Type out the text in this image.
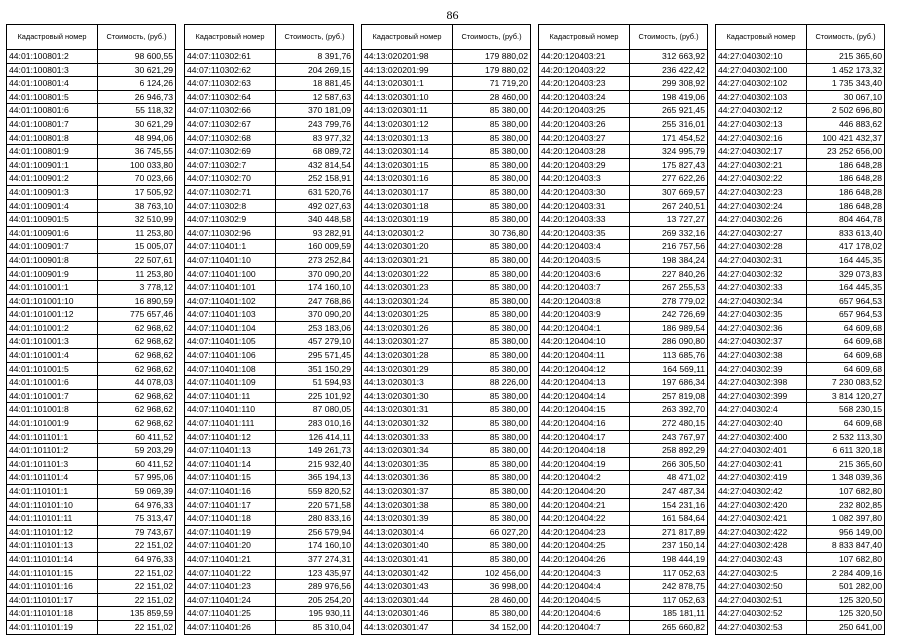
86
Кадастровый номер	Стоимость, (руб.)
44:01:100801:2	98 600,55
44:01:100801:3	30 621,29
44:01:100801:4	6 124,26
44:01:100801:5	26 946,73
44:01:100801:6	55 118,32
44:01:100801:7	30 621,29
44:01:100801:8	48 994,06
44:01:100801:9	36 745,55
44:01:100901:1	100 033,80
44:01:100901:2	70 023,66
44:01:100901:3	17 505,92
44:01:100901:4	38 763,10
44:01:100901:5	32 510,99
44:01:100901:6	11 253,80
44:01:100901:7	15 005,07
44:01:100901:8	22 507,61
44:01:100901:9	11 253,80
44:01:101001:1	3 778,12
44:01:101001:10	16 890,59
44:01:101001:12	775 657,46
44:01:101001:2	62 968,62
44:01:101001:3	62 968,62
44:01:101001:4	62 968,62
44:01:101001:5	62 968,62
44:01:101001:6	44 078,03
44:01:101001:7	62 968,62
44:01:101001:8	62 968,62
44:01:101001:9	62 968,62
44:01:101101:1	60 411,52
44:01:101101:2	59 203,29
44:01:101101:3	60 411,52
44:01:101101:4	57 995,06
44:01:110101:1	59 069,39
44:01:110101:10	64 976,33
44:01:110101:11	75 313,47
44:01:110101:12	79 743,67
44:01:110101:13	22 151,02
44:01:110101:14	64 976,33
44:01:110101:15	22 151,02
44:01:110101:16	22 151,02
44:01:110101:17	22 151,02
44:01:110101:18	135 859,59
44:01:110101:19	22 151,02
Кадастровый номер	Стоимость, (руб.)
44:07:110302:61	8 391,76
44:07:110302:62	204 269,15
44:07:110302:63	18 881,45
44:07:110302:64	12 587,63
44:07:110302:66	370 181,09
44:07:110302:67	243 799,76
44:07:110302:68	83 977,32
44:07:110302:69	68 089,72
44:07:110302:7	432 814,54
44:07:110302:70	252 158,91
44:07:110302:71	631 520,76
44:07:110302:8	492 027,63
44:07:110302:9	340 448,58
44:07:110302:96	93 282,91
44:07:110401:1	160 009,59
44:07:110401:10	273 252,84
44:07:110401:100	370 090,20
44:07:110401:101	174 160,10
44:07:110401:102	247 768,86
44:07:110401:103	370 090,20
44:07:110401:104	253 183,06
44:07:110401:105	457 279,10
44:07:110401:106	295 571,45
44:07:110401:108	351 150,29
44:07:110401:109	51 594,93
44:07:110401:11	225 101,92
44:07:110401:110	87 080,05
44:07:110401:111	283 010,16
44:07:110401:12	126 414,11
44:07:110401:13	149 261,73
44:07:110401:14	215 932,40
44:07:110401:15	365 194,13
44:07:110401:16	559 820,52
44:07:110401:17	220 571,58
44:07:110401:18	280 833,16
44:07:110401:19	256 579,94
44:07:110401:20	174 160,10
44:07:110401:21	377 274,31
44:07:110401:22	123 435,97
44:07:110401:23	289 976,56
44:07:110401:24	205 254,20
44:07:110401:25	195 930,11
44:07:110401:26	85 310,04
Кадастровый номер	Стоимость, (руб.)
44:13:020201:98	179 880,02
44:13:020201:99	179 880,02
44:13:020301:1	71 719,20
44:13:020301:10	28 460,00
44:13:020301:11	85 380,00
44:13:020301:12	85 380,00
44:13:020301:13	85 380,00
44:13:020301:14	85 380,00
44:13:020301:15	85 380,00
44:13:020301:16	85 380,00
44:13:020301:17	85 380,00
44:13:020301:18	85 380,00
44:13:020301:19	85 380,00
44:13:020301:2	30 736,80
44:13:020301:20	85 380,00
44:13:020301:21	85 380,00
44:13:020301:22	85 380,00
44:13:020301:23	85 380,00
44:13:020301:24	85 380,00
44:13:020301:25	85 380,00
44:13:020301:26	85 380,00
44:13:020301:27	85 380,00
44:13:020301:28	85 380,00
44:13:020301:29	85 380,00
44:13:020301:3	88 226,00
44:13:020301:30	85 380,00
44:13:020301:31	85 380,00
44:13:020301:32	85 380,00
44:13:020301:33	85 380,00
44:13:020301:34	85 380,00
44:13:020301:35	85 380,00
44:13:020301:36	85 380,00
44:13:020301:37	85 380,00
44:13:020301:38	85 380,00
44:13:020301:39	85 380,00
44:13:020301:4	66 027,20
44:13:020301:40	85 380,00
44:13:020301:41	85 380,00
44:13:020301:42	102 456,00
44:13:020301:43	36 998,00
44:13:020301:44	28 460,00
44:13:020301:46	85 380,00
44:13:020301:47	34 152,00
Кадастровый номер	Стоимость, (руб.)
44:20:120403:21	312 663,92
44:20:120403:22	236 422,42
44:20:120403:23	299 308,92
44:20:120403:24	198 419,06
44:20:120403:25	265 921,45
44:20:120403:26	255 316,01
44:20:120403:27	171 454,52
44:20:120403:28	324 995,79
44:20:120403:29	175 827,43
44:20:120403:3	277 622,26
44:20:120403:30	307 669,57
44:20:120403:31	267 240,51
44:20:120403:33	13 727,27
44:20:120403:35	269 332,16
44:20:120403:4	216 757,56
44:20:120403:5	198 384,24
44:20:120403:6	227 840,26
44:20:120403:7	267 255,53
44:20:120403:8	278 779,02
44:20:120403:9	242 726,69
44:20:120404:1	186 989,54
44:20:120404:10	286 090,80
44:20:120404:11	113 685,76
44:20:120404:12	164 569,11
44:20:120404:13	197 686,34
44:20:120404:14	257 819,08
44:20:120404:15	263 392,70
44:20:120404:16	272 480,15
44:20:120404:17	243 767,97
44:20:120404:18	258 892,29
44:20:120404:19	266 305,50
44:20:120404:2	48 471,02
44:20:120404:20	247 487,34
44:20:120404:21	154 231,16
44:20:120404:22	161 584,64
44:20:120404:23	271 817,89
44:20:120404:25	237 150,14
44:20:120404:26	198 444,19
44:20:120404:3	117 052,63
44:20:120404:4	242 878,75
44:20:120404:5	117 052,63
44:20:120404:6	185 181,11
44:20:120404:7	265 660,82
Кадастровый номер	Стоимость, (руб.)
44:27:040302:10	215 365,60
44:27:040302:100	1 452 173,32
44:27:040302:102	1 735 343,40
44:27:040302:103	30 067,10
44:27:040302:12	2 502 696,80
44:27:040302:13	446 883,62
44:27:040302:16	100 421 432,37
44:27:040302:17	23 252 656,00
44:27:040302:21	186 648,28
44:27:040302:22	186 648,28
44:27:040302:23	186 648,28
44:27:040302:24	186 648,28
44:27:040302:26	804 464,78
44:27:040302:27	833 613,40
44:27:040302:28	417 178,02
44:27:040302:31	164 445,35
44:27:040302:32	329 073,83
44:27:040302:33	164 445,35
44:27:040302:34	657 964,53
44:27:040302:35	657 964,53
44:27:040302:36	64 609,68
44:27:040302:37	64 609,68
44:27:040302:38	64 609,68
44:27:040302:39	64 609,68
44:27:040302:398	7 230 083,52
44:27:040302:399	3 814 120,27
44:27:040302:4	568 230,15
44:27:040302:40	64 609,68
44:27:040302:400	2 532 113,30
44:27:040302:401	6 611 320,18
44:27:040302:41	215 365,60
44:27:040302:419	1 348 039,36
44:27:040302:42	107 682,80
44:27:040302:420	232 802,85
44:27:040302:421	1 082 397,80
44:27:040302:422	956 149,00
44:27:040302:428	8 833 847,40
44:27:040302:43	107 682,80
44:27:040302:5	2 284 409,16
44:27:040302:50	501 282,00
44:27:040302:51	125 320,50
44:27:040302:52	125 320,50
44:27:040302:53	250 641,00
